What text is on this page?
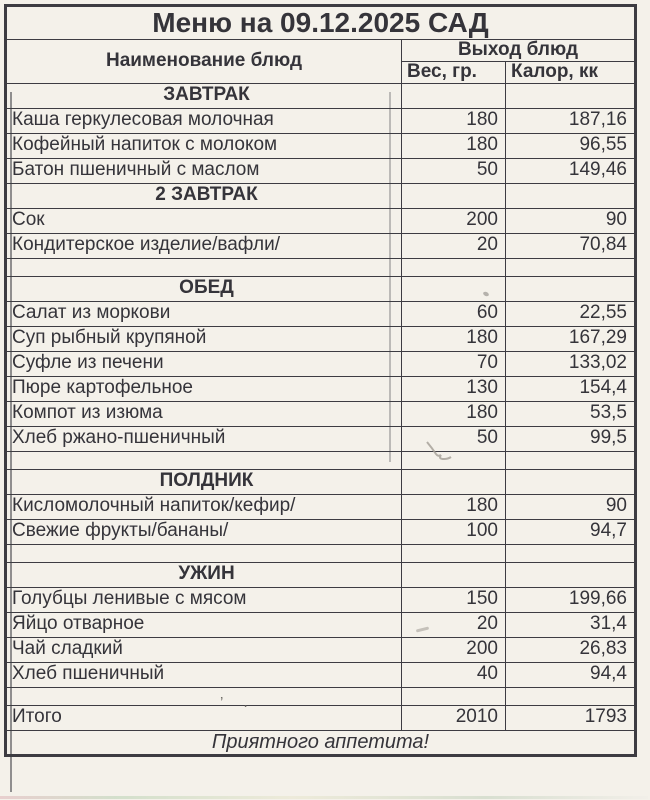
Меню на 09.12.2025 САД		
Наименование блюд	Выход блюд	
	Вес, гр.	Калор, кк
ЗАВТРАК		
Каша геркулесовая молочная	180	187,16
Кофейный напиток с молоком	180	96,55
Батон пшеничный с маслом	50	149,46
2 ЗАВТРАК		
Сок	200	90
Кондитерское изделие/вафли/	20	70,84

ОБЕД		
Салат из моркови	60	22,55
Суп рыбный крупяной	180	167,29
Суфле из печени	70	133,02
Пюре картофельное	130	154,4
Компот из изюма	180	53,5
Хлеб ржано-пшеничный	50	99,5

ПОЛДНИК		
Кисломолочный напиток/кефир/	180	90
Свежие фрукты/бананы/	100	94,7

УЖИН		
Голубцы ленивые с мясом	150	199,66
Яйцо отварное	20	31,4
Чай сладкий	200	26,83
Хлеб пшеничный	40	94,4

Итого	2010	1793
Приятного аппетита!		
’ .
